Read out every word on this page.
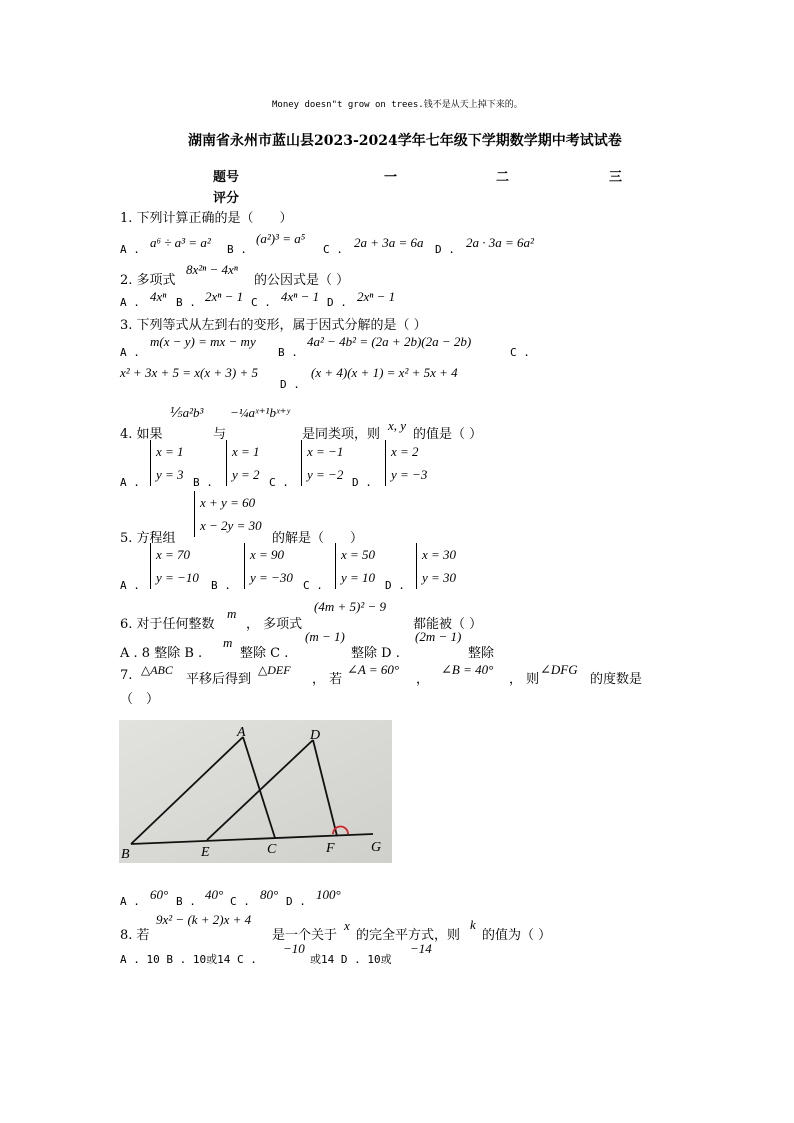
Money doesn"t grow on trees.钱不是从天上掉下来的。
湖南省永州市蓝山县2023-2024学年七年级下学期数学期中考试试卷
题号
评分
一	二	三
1. 下列计算正确的是（　　）
A . a⁶ ÷ a³ = a² B .
(a²)³ = a⁵
C . 2a + 3a = 6a D . 2a · 3a = 6a²
2. 多项式
8x²ⁿ − 4xⁿ
的公因式是（ ）
A . 4xⁿ B . 2xⁿ − 1 C . 4xⁿ − 1 D . 2xⁿ − 1
3. 下列等式从左到右的变形，属于因式分解的是（ ）
A .
m(x − y) = mx − my
B .
4a² − 4b² = (2a + 2b)(2a − 2b)
C .
x² + 3x + 5 = x(x + 3) + 5
D .
(x + 4)(x + 1) = x² + 5x + 4
4. 如果
⅕a²b³
与
−¼aˣ⁺¹bˣ⁺ʸ
是同类项，则
x, y
的值是（ ）
A .
x = 1
y = 3
B .
x = 1
y = 2
C .
x = −1
y = −2
D .
x = 2
y = −3
5. 方程组
x + y = 60
x − 2y = 30
的解是（　　）
A .
x = 70
y = −10
B .
x = 90
y = −30
C .
x = 50
y = 10
D .
x = 30
y = 30
6. 对于任何整数
m
， 多项式
(4m + 5)² − 9
都能被（ ）
A . 8 整除 B .
m
整除 C .
(m − 1)
整除 D .
(2m − 1)
整除
7. △ABC
平移后得到
△DEF
， 若
∠A = 60°
，
∠B = 40°
， 则
∠DFG
的度数是
（　）
A	D
B	E	C	F	G
A . 60° B . 40° C . 80° D . 100°
8. 若
9x² − (k + 2)x + 4
是一个关于
x
的完全平方式，则
k
的值为（ ）
A . 10 B . 10或14 C .
−10
或14 D . 10或
−14
